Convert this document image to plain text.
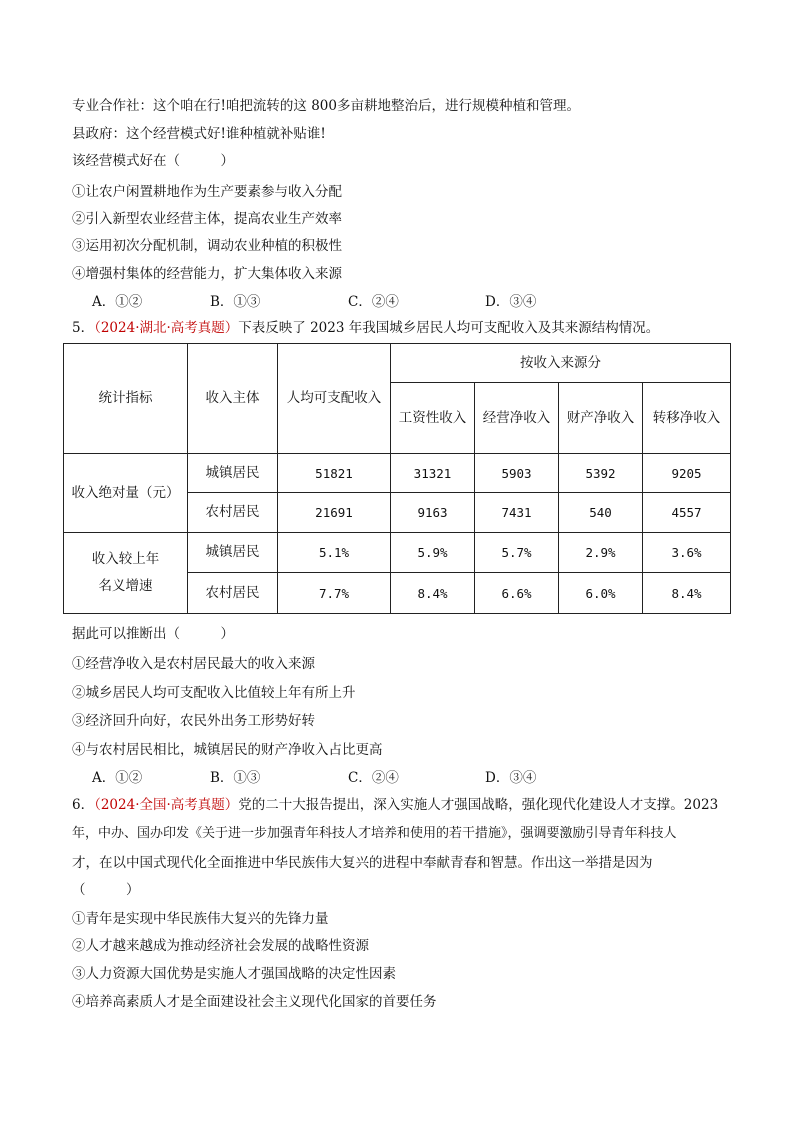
专业合作社：这个咱在行!咱把流转的这 800多亩耕地整治后，进行规模种植和管理。
县政府：这个经营模式好!谁种植就补贴谁!
该经营模式好在（　　　）
①让农户闲置耕地作为生产要素参与收入分配
②引入新型农业经营主体，提高农业生产效率
③运用初次分配机制，调动农业种植的积极性
④增强村集体的经营能力，扩大集体收入来源
A．①②	B．①③	C．②④	D．③④
5．（2024·湖北·高考真题）下表反映了 2023 年我国城乡居民人均可支配收入及其来源结构情况。
统计指标	收入主体	人均可支配收入	按收入来源分			
			工资性收入	经营净收入	财产净收入	转移净收入
收入绝对量（元）	城镇居民	51821	31321	5903	5392	9205
	农村居民	21691	9163	7431	540	4557
收入较上年名义增速	城镇居民	5.1%	5.9%	5.7%	2.9%	3.6%
	农村居民	7.7%	8.4%	6.6%	6.0%	8.4%
据此可以推断出（　　　）
①经营净收入是农村居民最大的收入来源
②城乡居民人均可支配收入比值较上年有所上升
③经济回升向好，农民外出务工形势好转
④与农村居民相比，城镇居民的财产净收入占比更高
A．①②	B．①③	C．②④	D．③④
6．（2024·全国·高考真题）党的二十大报告提出，深入实施人才强国战略，强化现代化建设人才支撑。2023
年，中办、国办印发《关于进一步加强青年科技人才培养和使用的若干措施》，强调要激励引导青年科技人
才，在以中国式现代化全面推进中华民族伟大复兴的进程中奉献青春和智慧。作出这一举措是因为
（　　　）
①青年是实现中华民族伟大复兴的先锋力量
②人才越来越成为推动经济社会发展的战略性资源
③人力资源大国优势是实施人才强国战略的决定性因素
④培养高素质人才是全面建设社会主义现代化国家的首要任务
